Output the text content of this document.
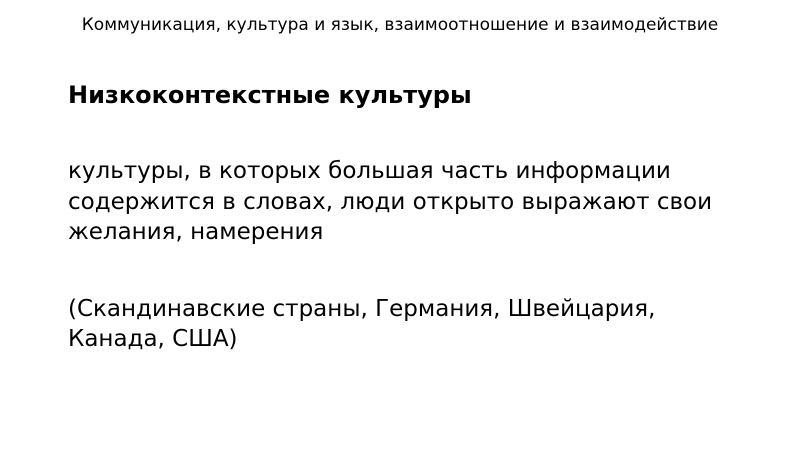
Коммуникация, культура и язык, взаимоотношение и взаимодействие
Низкоконтекстные культуры
культуры, в которых большая часть информации содержится в словах, люди открыто выражают свои желания, намерения
(Скандинавские страны, Германия, Швейцария, Канада, США)
